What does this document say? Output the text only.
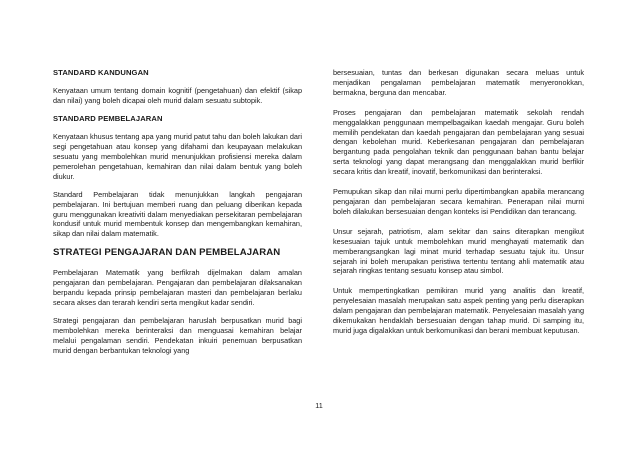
STANDARD KANDUNGAN

Kenyataan umum tentang domain kognitif (pengetahuan) dan efektif (sikap dan nilai) yang boleh dicapai oleh murid dalam sesuatu subtopik.

STANDARD PEMBELAJARAN

Kenyataan khusus tentang apa yang murid patut tahu dan boleh lakukan dari segi pengetahuan atau konsep yang difahami dan keupayaan melakukan sesuatu yang membolehkan murid menunjukkan profisiensi mereka dalam pemerolehan pengetahuan, kemahiran dan nilai dalam bentuk yang boleh diukur.

Standard Pembelajaran tidak menunjukkan langkah pengajaran pembelajaran. Ini bertujuan memberi ruang dan peluang diberikan kepada guru menggunakan kreativiti dalam menyediakan persekitaran pembelajaran kondusif untuk murid membentuk konsep dan mengembangkan kemahiran, sikap dan nilai dalam matematik.

STRATEGI PENGAJARAN DAN PEMBELAJARAN

Pembelajaran Matematik yang berfikrah dijelmakan dalam amalan pengajaran dan pembelajaran. Pengajaran dan pembelajaran dilaksanakan berpandu kepada prinsip pembelajaran masteri dan pembelajaran berlaku secara akses dan terarah kendiri serta mengikut kadar sendiri.

Strategi pengajaran dan pembelajaran haruslah berpusatkan murid bagi membolehkan mereka berinteraksi dan menguasai kemahiran belajar melalui pengalaman sendiri. Pendekatan inkuiri penemuan berpusatkan murid dengan berbantukan teknologi yang

bersesuaian, tuntas dan berkesan digunakan secara meluas untuk menjadikan pengalaman pembelajaran matematik menyeronokkan, bermakna, berguna dan mencabar.

Proses pengajaran dan pembelajaran matematik sekolah rendah menggalakkan penggunaan mempelbagaikan kaedah mengajar. Guru boleh memilih pendekatan dan kaedah pengajaran dan pembelajaran yang sesuai dengan kebolehan murid. Keberkesanan pengajaran dan pembelajaran bergantung pada pengolahan teknik dan penggunaan bahan bantu belajar serta teknologi yang dapat merangsang dan menggalakkan murid berfikir secara kritis dan kreatif, inovatif, berkomunikasi dan berinteraksi.

Pemupukan sikap dan nilai murni perlu dipertimbangkan apabila merancang pengajaran dan pembelajaran secara kemahiran. Penerapan nilai murni boleh dilakukan bersesuaian dengan konteks isi Pendidikan dan terancang.

Unsur sejarah, patriotism, alam sekitar dan sains diterapkan mengikut kesesuaian tajuk untuk membolehkan murid menghayati matematik dan memberangsangkan lagi minat murid terhadap sesuatu tajuk itu. Unsur sejarah ini boleh merupakan peristiwa tertentu tentang ahli matematik atau sejarah ringkas tentang sesuatu konsep atau simbol.

Untuk mempertingkatkan pemikiran murid yang analitis dan kreatif, penyelesaian masalah merupakan satu aspek penting yang perlu diserapkan dalam pengajaran dan pembelajaran matematik. Penyelesaian masalah yang dikemukakan hendaklah bersesuaian dengan tahap murid. Di samping itu, murid juga digalakkan untuk berkomunikasi dan berani membuat keputusan.

11
